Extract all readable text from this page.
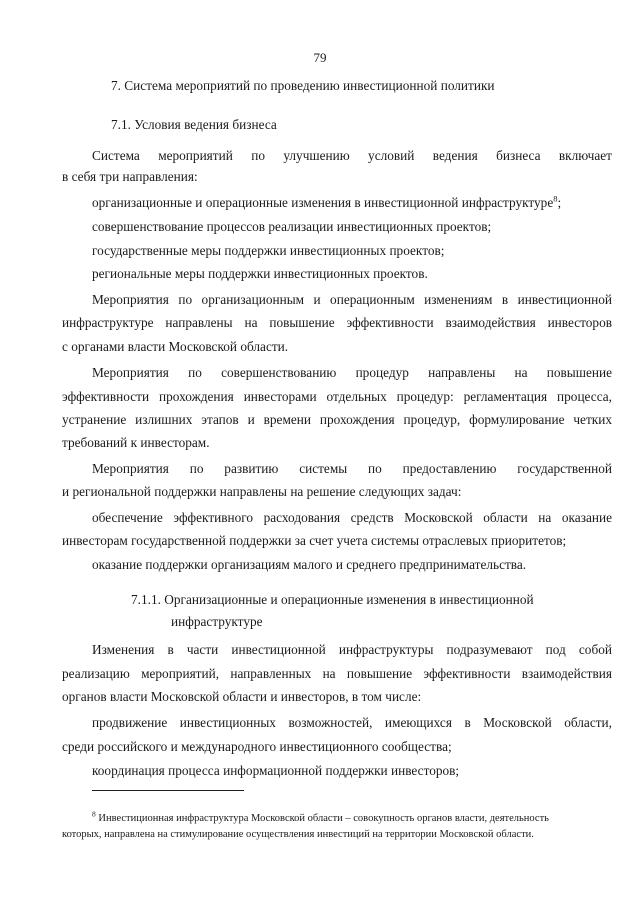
79
7. Система мероприятий по проведению инвестиционной политики
7.1. Условия ведения бизнеса
Система мероприятий по улучшению условий ведения бизнеса включает
в себя три направления:
организационные и операционные изменения в инвестиционной инфраструктуре$^8$;
совершенствование процессов реализации инвестиционных проектов;
государственные меры поддержки инвестиционных проектов;
региональные меры поддержки инвестиционных проектов.
Мероприятия по организационным и операционным изменениям в инвестиционной
инфраструктуре направлены на повышение эффективности взаимодействия инвесторов
с органами власти Московской области.
Мероприятия по совершенствованию процедур направлены на повышение
эффективности прохождения инвесторами отдельных процедур: регламентация процесса,
устранение излишних этапов и времени прохождения процедур, формулирование четких
требований к инвесторам.
Мероприятия по развитию системы по предоставлению государственной
и региональной поддержки направлены на решение следующих задач:
обеспечение эффективного расходования средств Московской области на оказание
инвесторам государственной поддержки за счет учета системы отраслевых приоритетов;
оказание поддержки организациям малого и среднего предпринимательства.
7.1.1. Организационные и операционные изменения в инвестиционной
инфраструктуре
Изменения в части инвестиционной инфраструктуры подразумевают под собой
реализацию мероприятий, направленных на повышение эффективности взаимодействия
органов власти Московской области и инвесторов, в том числе:
продвижение инвестиционных возможностей, имеющихся в Московской области,
среди российского и международного инвестиционного сообщества;
координация процесса информационной поддержки инвесторов;
$^8$ Инвестиционная инфраструктура Московской области – совокупность органов власти, деятельность
которых, направлена на стимулирование осуществления инвестиций на территории Московской области.
